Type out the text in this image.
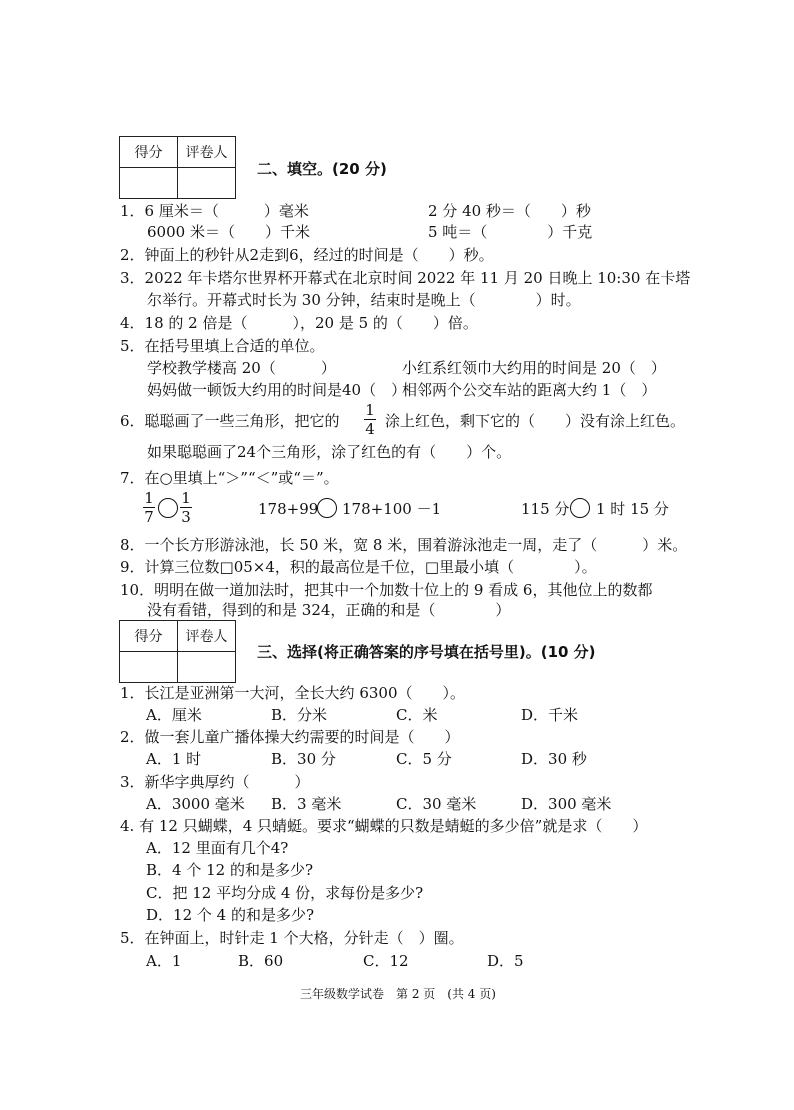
得分	评卷人

二、填空。(20 分)
1．6 厘米＝（　　　）毫米	2 分 40 秒＝（　　）秒
6000 米＝（　　）千米	5 吨＝（　　　　）千克
2．钟面上的秒针从2走到6，经过的时间是（　　）秒。
3．2022 年卡塔尔世界杯开幕式在北京时间 2022 年 11 月 20 日晚上 10:30 在卡塔
尔举行。开幕式时长为 30 分钟，结束时是晚上（　　　　）时。
4．18 的 2 倍是（　　　），20 是 5 的（　　）倍。
5．在括号里填上合适的单位。
学校教学楼高 20（　　　）	小红系红领巾大约用的时间是 20（　）
妈妈做一顿饭大约用的时间是40（　）
相邻两个公交车站的距离大约 1（　）
6．聪聪画了一些三角形，把它的
1
4 涂上红色，剩下它的（　　）没有涂上红色。
如果聪聪画了24个三角形，涂了红色的有（　　）个。
7．在○里填上“＞”“＜”或“＝”。
1
7
1
3	178+99 178+100 －1	115 分 1 时 15 分
8．一个长方形游泳池，长 50 米，宽 8 米，围着游泳池走一周，走了（　　　）米。
9．计算三位数□05×4，积的最高位是千位，□里最小填（　　　　）。
10．明明在做一道加法时，把其中一个加数十位上的 9 看成 6，其他位上的数都
没有看错，得到的和是 324，正确的和是（　　　　）
得分	评卷人

三、选择(将正确答案的序号填在括号里)。(10 分)
1．长江是亚洲第一大河，全长大约 6300（　　）。
A．厘米	B．分米	C．米	D．千米
2．做一套儿童广播体操大约需要的时间是（　　）
A．1 时	B．30 分	C．5 分	D．30 秒
3．新华字典厚约（　　　）
A．3000 毫米 B．3 毫米	C．30 毫米	D．300 毫米
4. 有 12 只蝴蝶，4 只蜻蜓。要求“蝴蝶的只数是蜻蜓的多少倍”就是求（　　）
A．12 里面有几个4?
B．4 个 12 的和是多少?
C．把 12 平均分成 4 份，求每份是多少?
D．12 个 4 的和是多少?
5．在钟面上，时针走 1 个大格，分针走（　）圈。
A．1	B．60	C．12	D．5
三年级数学试卷　第 2 页　(共 4 页)
